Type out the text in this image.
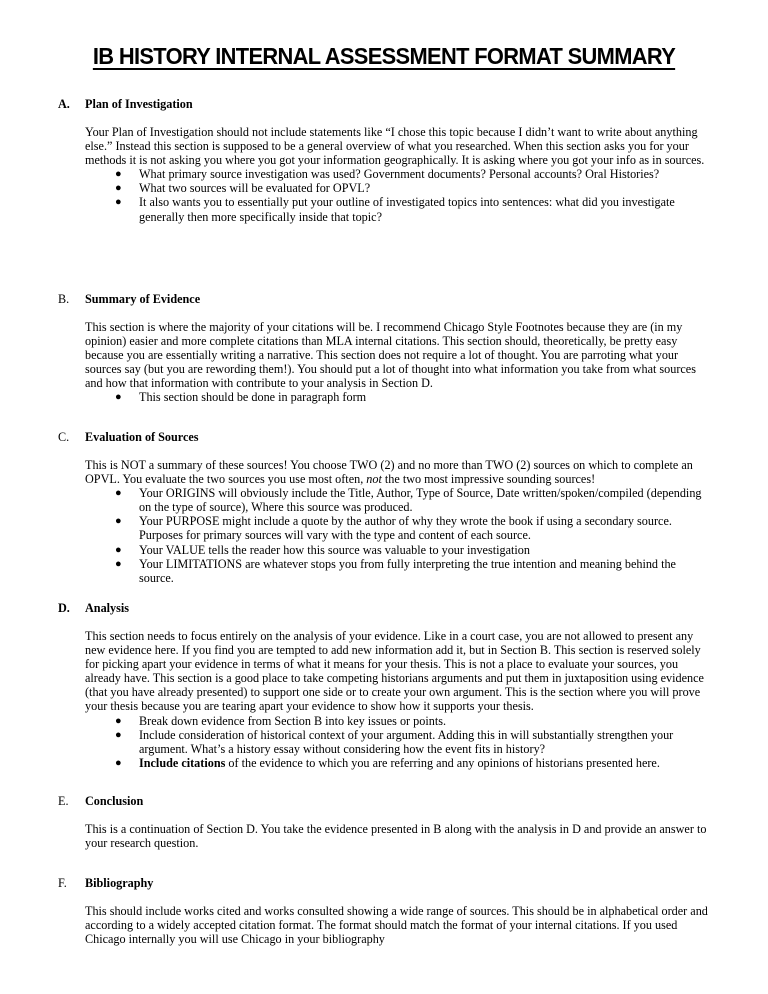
IB HISTORY INTERNAL ASSESSMENT FORMAT SUMMARY
A. Plan of Investigation

Your Plan of Investigation should not include statements like “I chose this topic because I didn’t want to write about anything else.” Instead this section is supposed to be a general overview of what you researched. When this section asks you for your methods it is not asking you where you got your information geographically. It is asking where you got your info as in sources.

● What primary source investigation was used? Government documents? Personal accounts? Oral Histories?
● What two sources will be evaluated for OPVL?
● It also wants you to essentially put your outline of investigated topics into sentences: what did you investigate generally then more specifically inside that topic?
B. Summary of Evidence

This section is where the majority of your citations will be. I recommend Chicago Style Footnotes because they are (in my opinion) easier and more complete citations than MLA internal citations. This section should, theoretically, be pretty easy because you are essentially writing a narrative. This section does not require a lot of thought. You are parroting what your sources say (but you are rewording them!). You should put a lot of thought into what information you take from what sources and how that information with contribute to your analysis in Section D.

● This section should be done in paragraph form
C. Evaluation of Sources

This is NOT a summary of these sources! You choose TWO (2) and no more than TWO (2) sources on which to complete an OPVL. You evaluate the two sources you use most often, not the two most impressive sounding sources!

● Your ORIGINS will obviously include the Title, Author, Type of Source, Date written/spoken/compiled (depending on the type of source), Where this source was produced.
● Your PURPOSE might include a quote by the author of why they wrote the book if using a secondary source. Purposes for primary sources will vary with the type and content of each source.
● Your VALUE tells the reader how this source was valuable to your investigation
● Your LIMITATIONS are whatever stops you from fully interpreting the true intention and meaning behind the source.
D. Analysis

This section needs to focus entirely on the analysis of your evidence. Like in a court case, you are not allowed to present any new evidence here. If you find you are tempted to add new information add it, but in Section B. This section is reserved solely for picking apart your evidence in terms of what it means for your thesis. This is not a place to evaluate your sources, you already have. This section is a good place to take competing historians arguments and put them in juxtaposition using evidence (that you have already presented) to support one side or to create your own argument. This is the section where you will prove your thesis because you are tearing apart your evidence to show how it supports your thesis.

● Break down evidence from Section B into key issues or points.
● Include consideration of historical context of your argument. Adding this in will substantially strengthen your argument. What’s a history essay without considering how the event fits in history?
● Include citations of the evidence to which you are referring and any opinions of historians presented here.
E. Conclusion

This is a continuation of Section D. You take the evidence presented in B along with the analysis in D and provide an answer to your research question.

F. Bibliography

This should include works cited and works consulted showing a wide range of sources. This should be in alphabetical order and according to a widely accepted citation format. The format should match the format of your internal citations. If you used Chicago internally you will use Chicago in your bibliography
